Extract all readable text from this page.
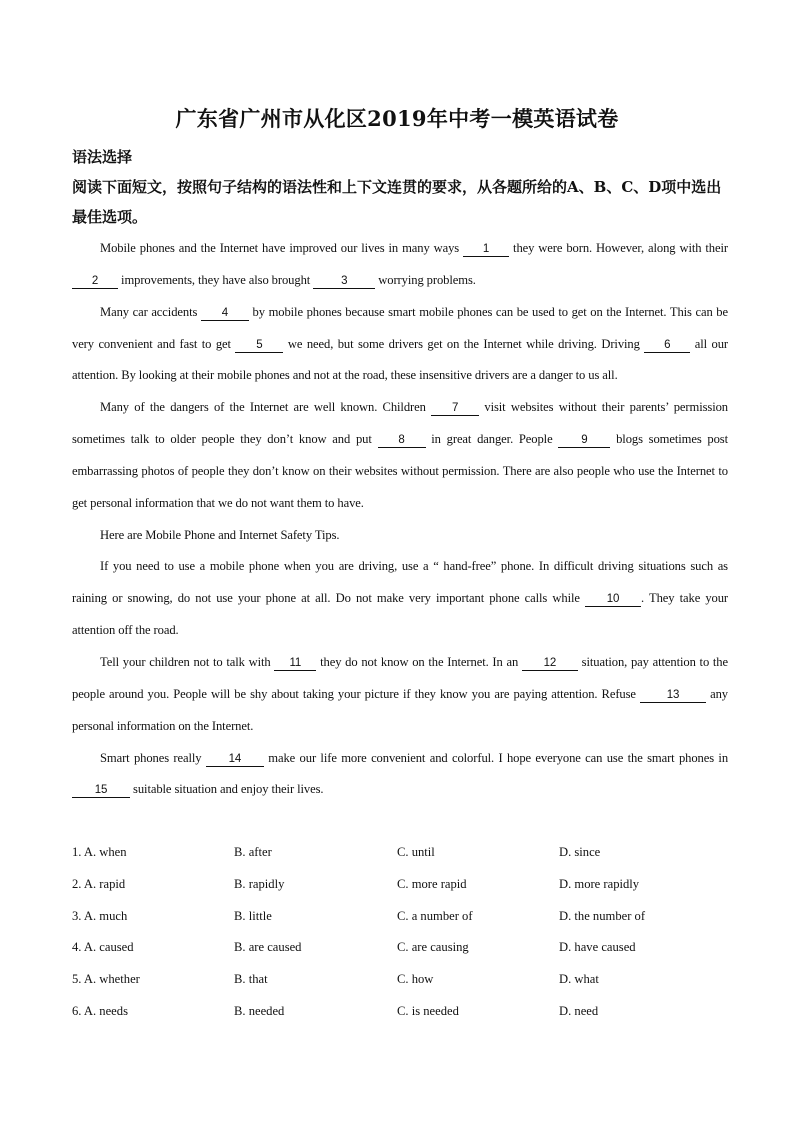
广东省广州市从化区2019年中考一模英语试卷
语法选择
阅读下面短文，按照句子结构的语法性和上下文连贯的要求，从各题所给的A、B、C、D项中选出最佳选项。

Mobile phones and the Internet have improved our lives in many ways 1 they were born. However, along with their 2 improvements, they have also brought 3 worrying problems.

Many car accidents 4 by mobile phones because smart mobile phones can be used to get on the Internet. This can be very convenient and fast to get 5 we need, but some drivers get on the Internet while driving. Driving 6 all our attention. By looking at their mobile phones and not at the road, these insensitive drivers are a danger to us all.

Many of the dangers of the Internet are well known. Children 7 visit websites without their parents’ permission sometimes talk to older people they don’t know and put 8 in great danger. People 9 blogs sometimes post embarrassing photos of people they don’t know on their websites without permission. There are also people who use the Internet to get personal information that we do not want them to have.

Here are Mobile Phone and Internet Safety Tips.

If you need to use a mobile phone when you are driving, use a “ hand-free” phone. In difficult driving situations such as raining or snowing, do not use your phone at all. Do not make very important phone calls while 10 . They take your attention off the road.

Tell your children not to talk with 11 they do not know on the Internet. In an 12 situation, pay attention to the people around you. People will be shy about taking your picture if they know you are paying attention. Refuse 13 any personal information on the Internet.

Smart phones really 14 make our life more convenient and colorful. I hope everyone can use the smart phones in 15 suitable situation and enjoy their lives.

1. A. when	B. after	C. until	D. since
2. A. rapid	B. rapidly	C. more rapid	D. more rapidly
3. A. much	B. little	C. a number of	D. the number of
4. A. caused	B. are caused	C. are causing	D. have caused
5. A. whether	B. that	C. how	D. what
6. A. needs	B. needed	C. is needed	D. need
